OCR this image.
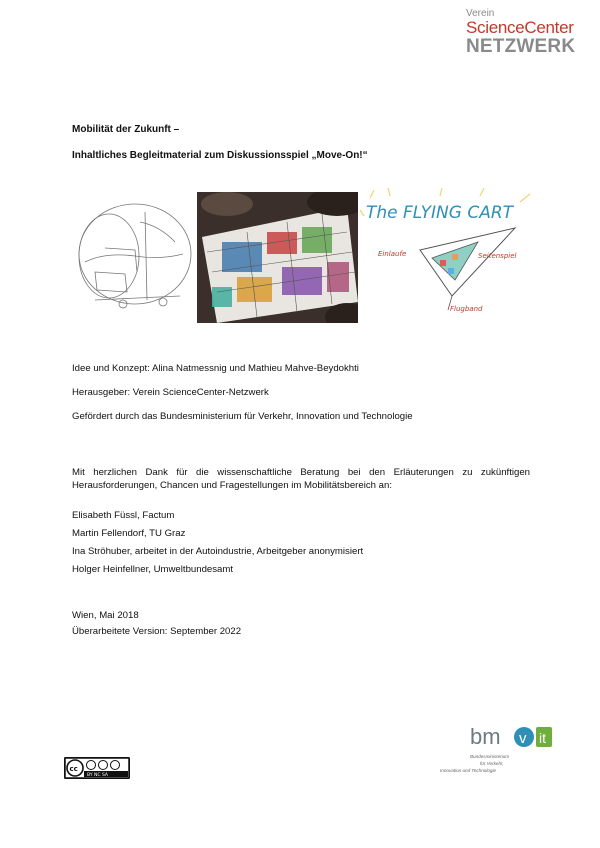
Verein
ScienceCenter
NETZWERK
Mobilität der Zukunft –
Inhaltliches Begleitmaterial zum Diskussionsspiel „Move-On!“
The FLYING CART
Einlaufe	Seitenspiel
Flugband
Idee und Konzept: Alina Natmessnig und Mathieu Mahve-Beydokhti
Herausgeber: Verein ScienceCenter-Netzwerk
Gefördert durch das Bundesministerium für Verkehr, Innovation und Technologie
Mit herzlichen Dank für die wissenschaftliche Beratung bei den Erläuterungen zu zukünftigen Herausforderungen, Chancen und Fragestellungen im Mobilitätsbereich an:
Elisabeth Füssl, Factum
Martin Fellendorf, TU Graz
Ina Ströhuber, arbeitet in der Autoindustrie, Arbeitgeber anonymisiert
Holger Heinfellner, Umweltbundesamt
Wien, Mai 2018
Überarbeitete Version: September 2022
bm v it
Bundesministerium
für Verkehr,
Innovation und Technologie
cc
BY NC SA
